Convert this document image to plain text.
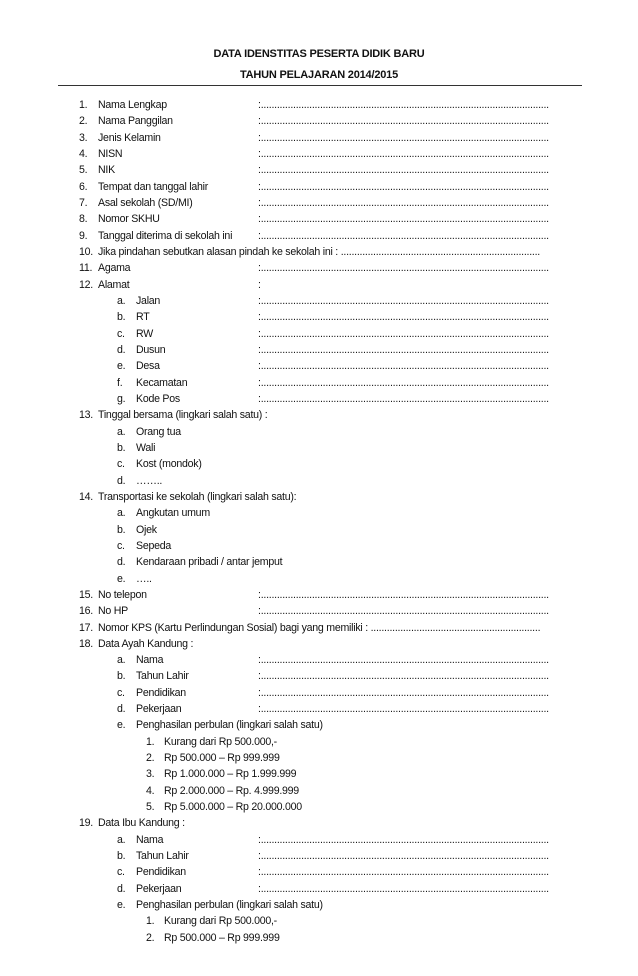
DATA IDENSTITAS PESERTA DIDIK BARU
TAHUN PELAJARAN 2014/2015
1. Nama Lengkap	:...........................................................................................................
2. Nama Panggilan	:...........................................................................................................
3. Jenis Kelamin	:...........................................................................................................
4. NISN	:...........................................................................................................
5. NIK	:...........................................................................................................
6. Tempat dan tanggal lahir	:...........................................................................................................
7. Asal sekolah (SD/MI)	:...........................................................................................................
8. Nomor SKHU	:...........................................................................................................
9. Tanggal diterima di sekolah ini :...........................................................................................................
10. Jika pindahan sebutkan alasan pindah ke sekolah ini : ..........................................................................
11. Agama	:...........................................................................................................
12. Alamat	:
a. Jalan	:...........................................................................................................
b. RT	:...........................................................................................................
c. RW	:...........................................................................................................
d. Dusun	:...........................................................................................................
e. Desa	:...........................................................................................................
f. Kecamatan	:...........................................................................................................
g. Kode Pos	:...........................................................................................................
13. Tinggal bersama (lingkari salah satu) :
a. Orang tua
b. Wali
c. Kost (mondok)
d. ……..
14. Transportasi ke sekolah (lingkari salah satu):
a. Angkutan umum
b. Ojek
c. Sepeda
d. Kendaraan pribadi / antar jemput
e. …..
15. No telepon	:...........................................................................................................
16. No HP	:...........................................................................................................
17. Nomor KPS (Kartu Perlindungan Sosial) bagi yang memiliki : ...............................................................
18. Data Ayah Kandung :
a. Nama	:...........................................................................................................
b. Tahun Lahir	:...........................................................................................................
c. Pendidikan	:...........................................................................................................
d. Pekerjaan	:...........................................................................................................
e. Penghasilan perbulan (lingkari salah satu)
1. Kurang dari Rp 500.000,-
2. Rp 500.000 – Rp 999.999
3. Rp 1.000.000 – Rp 1.999.999
4. Rp 2.000.000 – Rp. 4.999.999
5. Rp 5.000.000 – Rp 20.000.000
19. Data Ibu Kandung :
a. Nama	:...........................................................................................................
b. Tahun Lahir	:...........................................................................................................
c. Pendidikan	:...........................................................................................................
d. Pekerjaan	:...........................................................................................................
e. Penghasilan perbulan (lingkari salah satu)
1. Kurang dari Rp 500.000,-
2. Rp 500.000 – Rp 999.999
